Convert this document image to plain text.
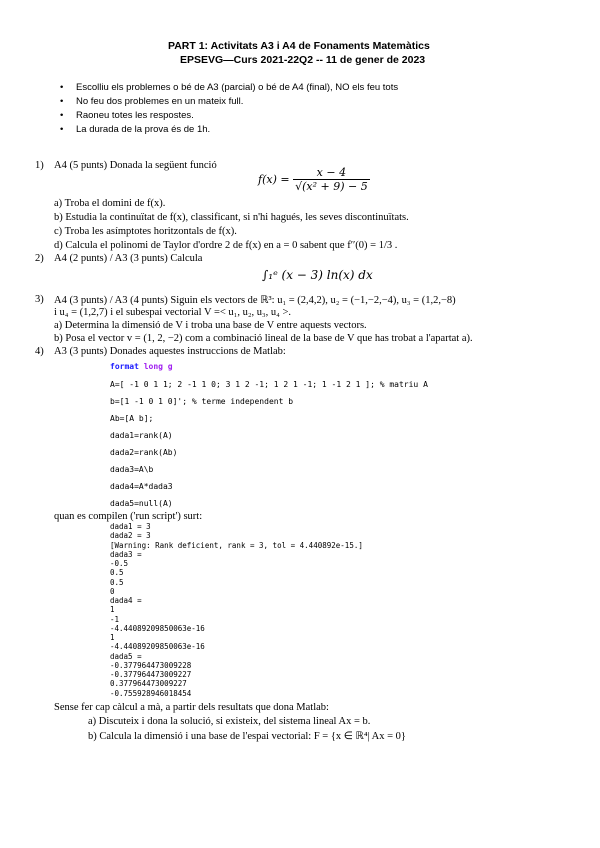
PART 1: Activitats A3 i A4 de Fonaments Matemàtics
EPSEVG—Curs 2021-22Q2 -- 11 de gener de 2023
• Escolliu els problemes o bé de A3 (parcial) o bé de A4 (final), NO els feu tots
• No feu dos problemes en un mateix full.
• Raoneu totes les respostes.
• La durada de la prova és de 1h.
1) A4 (5 punts) Donada la següent funció
$f(x) = \frac{x - 4}{\text{√(x² + 9) − 5}}$
a) Troba el domini de f(x).
b) Estudia la continuïtat de f(x), classificant, si n'hi hagués, les seves discontinuïtats.
c) Troba les asímptotes horitzontals de f(x).
d) Calcula el polinomi de Taylor d'ordre 2 de f(x) en a = 0 sabent que f′′(0) = 1/3 .
2) A4 (2 punts) / A3 (3 punts) Calcula
∫₁ᵉ (x − 3) ln(x) dx
3) A4 (3 punts) / A3 (4 punts) Siguin els vectors de ℝ³: u₁ = (2,4,2), u₂ = (−1,−2,−4), u₃ = (1,2,−8)
i u₄ = (1,2,7) i el subespai vectorial V =< u₁, u₂, u₃, u₄ >.
a) Determina la dimensió de V i troba una base de V entre aquests vectors.
b) Posa el vector v = (1, 2, −2) com a combinació lineal de la base de V que has trobat a l'apartat a).
4) A3 (3 punts) Donades aquestes instruccions de Matlab:
format long g
A=[ -1 0 1 1; 2 -1 1 0; 3 1 2 -1; 1 2 1 -1; 1 -1 2 1 ]; % matriu A
b=[1 -1 0 1 0]'; % terme independent b
Ab=[A b];
dada1=rank(A)
dada2=rank(Ab)
dada3=A\b
dada4=A*dada3
dada5=null(A)
quan es compilen ('run script') surt:
dada1 = 3
dada2 = 3
[Warning: Rank deficient, rank = 3, tol = 4.440892e-15.]
dada3 =
-0.5
0.5
0.5
0
dada4 =
1
-1
-4.44089209850063e-16
1
-4.44089209850063e-16
dada5 =
-0.377964473009228
-0.377964473009227
0.377964473009227
-0.755928946018454
Sense fer cap càlcul a mà, a partir dels resultats que dona Matlab:
a) Discuteix i dona la solució, si existeix, del sistema lineal Ax = b.
b) Calcula la dimensió i una base de l'espai vectorial: F = {x ∈ ℝ⁴| Ax = 0}
